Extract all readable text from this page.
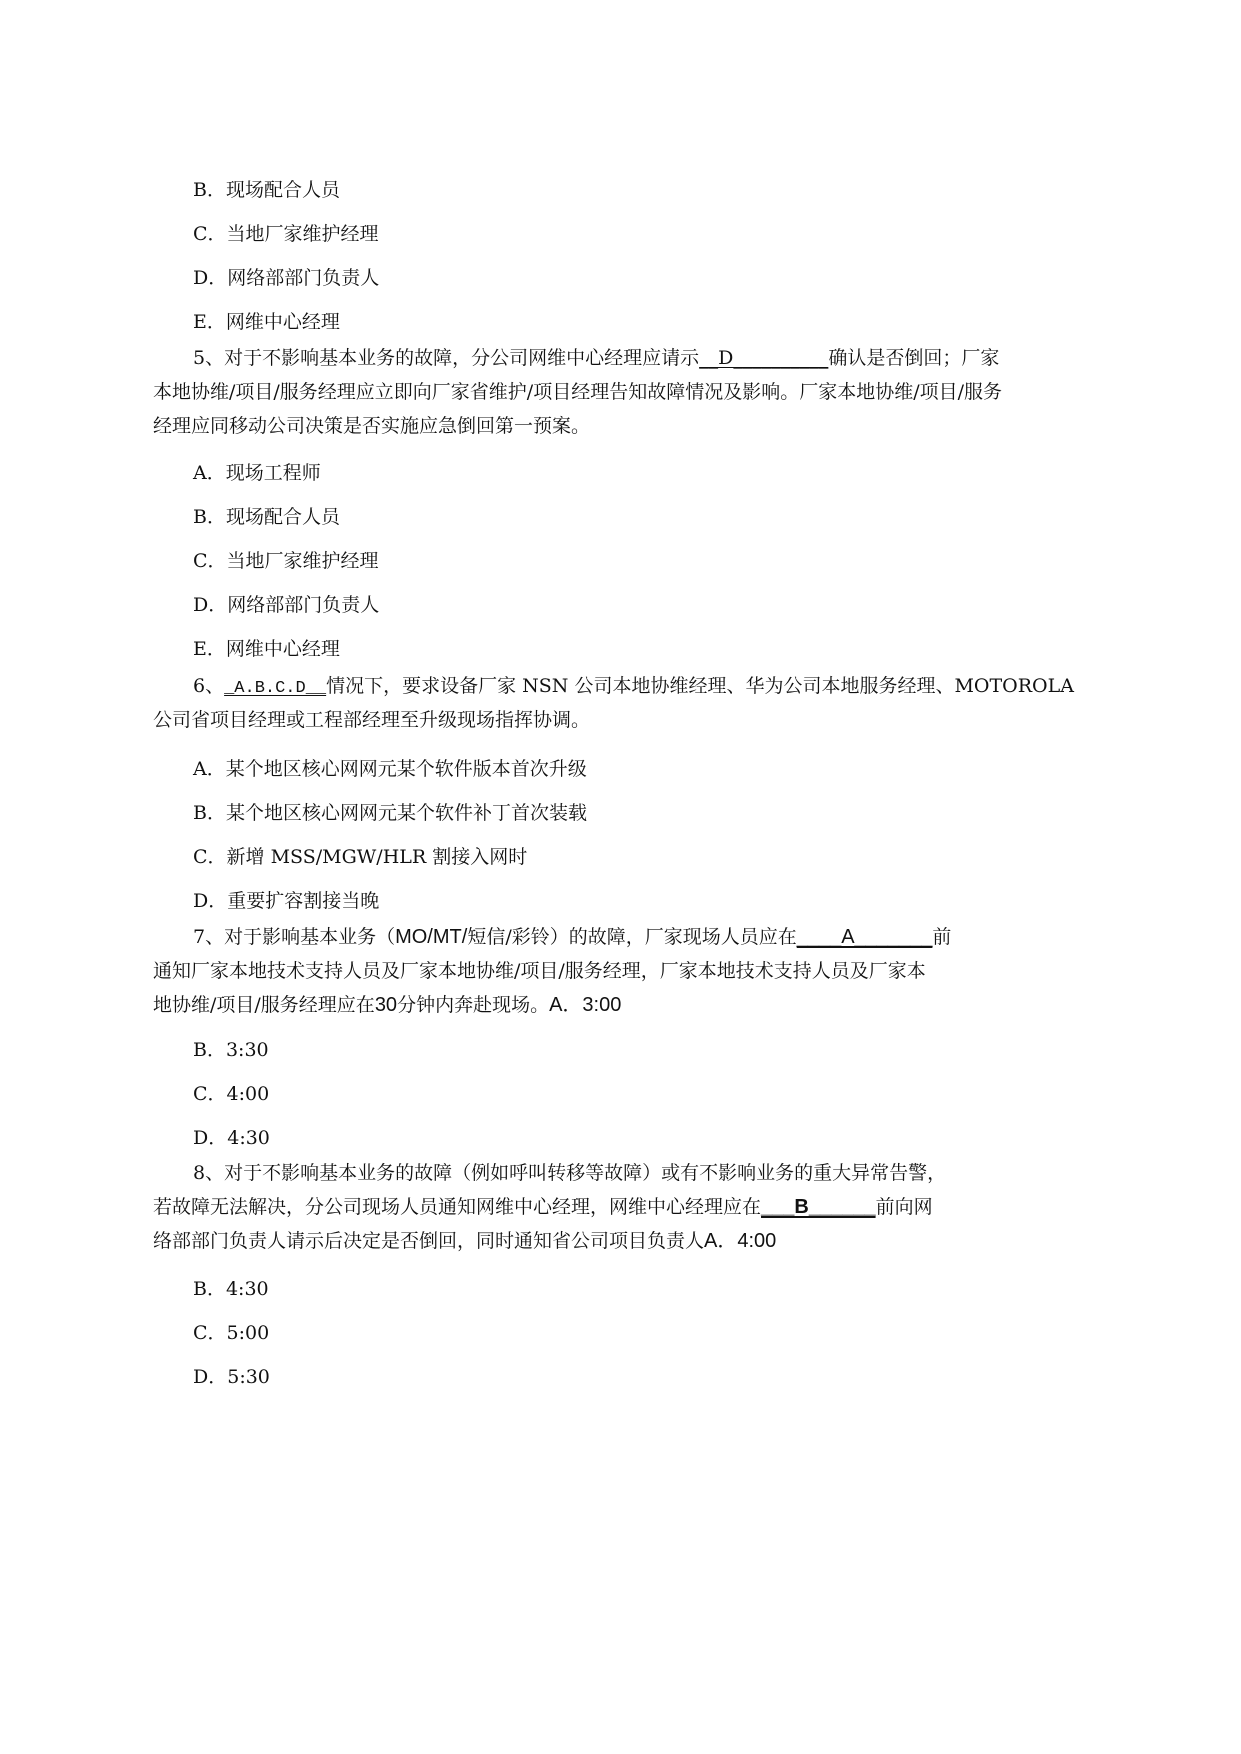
B．现场配合人员
C．当地厂家维护经理
D．网络部部门负责人
E．网维中心经理
5、对于不影响基本业务的故障，分公司网维中心经理应请示__D__________确认是否倒回；厂家
本地协维/项目/服务经理应立即向厂家省维护/项目经理告知故障情况及影响。厂家本地协维/项目/服务
经理应同移动公司决策是否实施应急倒回第一预案。
A．现场工程师
B．现场配合人员
C．当地厂家维护经理
D．网络部部门负责人
E．网维中心经理
6、_A.B.C.D__情况下，要求设备厂家 NSN 公司本地协维经理、华为公司本地服务经理、MOTOROLA
公司省项目经理或工程部经理至升级现场指挥协调。
A．某个地区核心网网元某个软件版本首次升级
B．某个地区核心网网元某个软件补丁首次装载
C．新增 MSS/MGW/HLR 割接入网时
D．重要扩容割接当晚
7、对于影响基本业务（MO/MT/短信/彩铃）的故障，厂家现场人员应在____A_______前
通知厂家本地技术支持人员及厂家本地协维/项目/服务经理，厂家本地技术支持人员及厂家本
地协维/项目/服务经理应在30分钟内奔赴现场。A．3:00
B．3:30
C．4:00
D．4:30
8、对于不影响基本业务的故障（例如呼叫转移等故障）或有不影响业务的重大异常告警，
若故障无法解决，分公司现场人员通知网维中心经理，网维中心经理应在___B______前向网
络部部门负责人请示后决定是否倒回，同时通知省公司项目负责人A．4:00
B．4:30
C．5:00
D．5:30
